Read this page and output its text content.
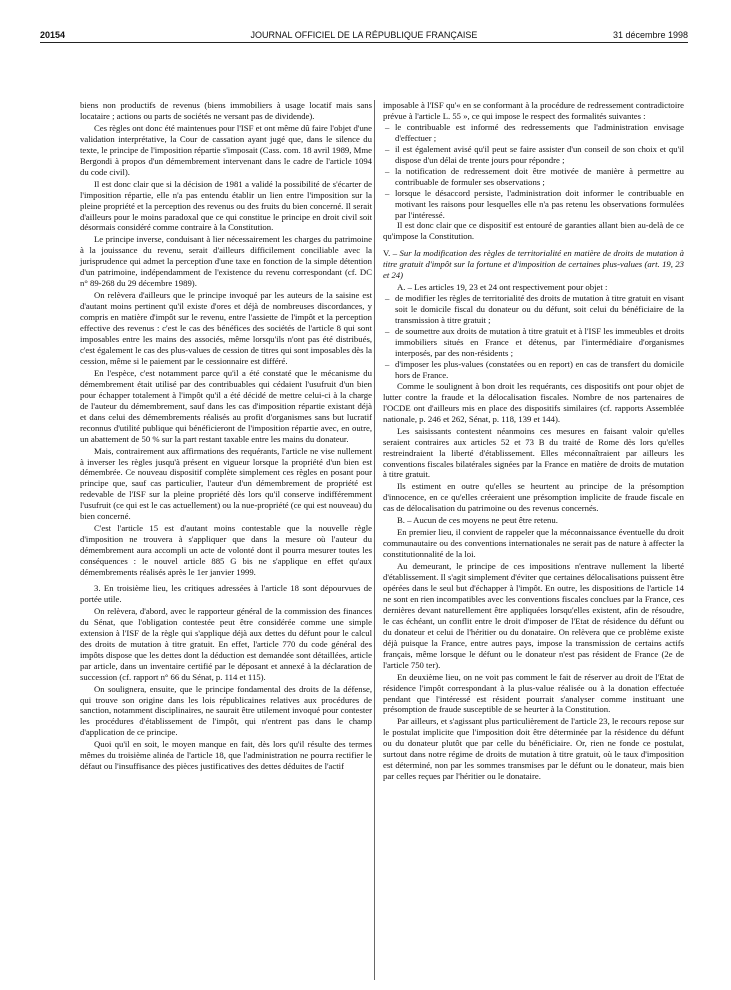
20154	JOURNAL OFFICIEL DE LA RÉPUBLIQUE FRANÇAISE	31 décembre 1998

biens non productifs de revenus (biens immobiliers à usage locatif mais sans locataire ; actions ou parts de sociétés ne versant pas de dividende).

Ces règles ont donc été maintenues pour l'ISF et ont même dû faire l'objet d'une validation interprétative, la Cour de cassation ayant jugé que, dans le silence du texte, le principe de l'imposition répartie s'imposait (Cass. com. 18 avril 1989, Mme Bergondi à propos d'un démembrement intervenant dans le cadre de l'article 1094 du code civil).

Il est donc clair que si la décision de 1981 a validé la possibilité de s'écarter de l'imposition répartie, elle n'a pas entendu établir un lien entre l'imposition sur la pleine propriété et la perception des revenus ou des fruits du bien concerné. Il serait d'ailleurs pour le moins paradoxal que ce qui constitue le principe en droit civil soit désormais considéré comme contraire à la Constitution.

Le principe inverse, conduisant à lier nécessairement les charges du patrimoine à la jouissance du revenu, serait d'ailleurs difficilement conciliable avec la jurisprudence qui admet la perception d'une taxe en fonction de la simple détention d'un patrimoine, indépendamment de l'existence du revenu correspondant (cf. DC n° 89-268 du 29 décembre 1989).

On relèvera d'ailleurs que le principe invoqué par les auteurs de la saisine est d'autant moins pertinent qu'il existe d'ores et déjà de nombreuses discordances, y compris en matière d'impôt sur le revenu, entre l'assiette de l'impôt et la perception effective des revenus : c'est le cas des bénéfices des sociétés de l'article 8 qui sont imposables entre les mains des associés, même lorsqu'ils n'ont pas été distribués, c'est également le cas des plus-values de cession de titres qui sont imposables dès la cession, même si le paiement par le cessionnaire est différé.

En l'espèce, c'est notamment parce qu'il a été constaté que le mécanisme du démembrement était utilisé par des contribuables qui cédaient l'usufruit d'un bien pour échapper totalement à l'impôt qu'il a été décidé de mettre celui-ci à la charge de l'auteur du démembrement, sauf dans les cas d'imposition répartie existant déjà et dans celui des démembrements réalisés au profit d'organismes sans but lucratif reconnus d'utilité publique qui bénéficieront de l'imposition répartie avec, en outre, un abattement de 50 % sur la part restant taxable entre les mains du donateur.

Mais, contrairement aux affirmations des requérants, l'article ne vise nullement à inverser les règles jusqu'à présent en vigueur lorsque la propriété d'un bien est démembrée. Ce nouveau dispositif complète simplement ces règles en posant pour principe que, sauf cas particulier, l'auteur d'un démembrement de propriété est redevable de l'ISF sur la pleine propriété dès lors qu'il conserve indifféremment l'usufruit (ce qui est le cas actuellement) ou la nue-propriété (ce qui est nouveau) du bien concerné.

C'est l'article 15 est d'autant moins contestable que la nouvelle règle d'imposition ne trouvera à s'appliquer que dans la mesure où l'auteur du démembrement aura accompli un acte de volonté dont il pourra mesurer toutes les conséquences : le nouvel article 885 G bis ne s'applique en effet qu'aux démembrements réalisés après le 1er janvier 1999.

3. En troisième lieu, les critiques adressées à l'article 18 sont dépourvues de portée utile.

On relèvera, d'abord, avec le rapporteur général de la commission des finances du Sénat, que l'obligation contestée peut être considérée comme une simple extension à l'ISF de la règle qui s'applique déjà aux dettes du défunt pour le calcul des droits de mutation à titre gratuit. En effet, l'article 770 du code général des impôts dispose que les dettes dont la déduction est demandée sont détaillées, article par article, dans un inventaire certifié par le déposant et annexé à la déclaration de succession (cf. rapport n° 66 du Sénat, p. 114 et 115).

On soulignera, ensuite, que le principe fondamental des droits de la défense, qui trouve son origine dans les lois républicaines relatives aux procédures de sanction, notamment disciplinaires, ne saurait être utilement invoqué pour contester les procédures d'établissement de l'impôt, qui n'entrent pas dans le champ d'application de ce principe.

Quoi qu'il en soit, le moyen manque en fait, dès lors qu'il résulte des termes mêmes du troisième alinéa de l'article 18, que l'administration ne pourra rectifier le défaut ou l'insuffisance des pièces justificatives des dettes déduites de l'actif

imposable à l'ISF qu'« en se conformant à la procédure de redressement contradictoire prévue à l'article L. 55 », ce qui impose le respect des formalités suivantes :

– le contribuable est informé des redressements que l'administration envisage d'effectuer ;
– il est également avisé qu'il peut se faire assister d'un conseil de son choix et qu'il dispose d'un délai de trente jours pour répondre ;
– la notification de redressement doit être motivée de manière à permettre au contribuable de formuler ses observations ;
– lorsque le désaccord persiste, l'administration doit informer le contribuable en motivant les raisons pour lesquelles elle n'a pas retenu les observations formulées par l'intéressé.

Il est donc clair que ce dispositif est entouré de garanties allant bien au-delà de ce qu'impose la Constitution.

V. – Sur la modification des règles de territorialité en matière de droits de mutation à titre gratuit d'impôt sur la fortune et d'imposition de certaines plus-values (art. 19, 23 et 24)

A. – Les articles 19, 23 et 24 ont respectivement pour objet :

– de modifier les règles de territorialité des droits de mutation à titre gratuit en visant soit le domicile fiscal du donateur ou du défunt, soit celui du bénéficiaire de la transmission à titre gratuit ;
– de soumettre aux droits de mutation à titre gratuit et à l'ISF les immeubles et droits immobiliers situés en France et détenus, par l'intermédiaire d'organismes interposés, par des non-résidents ;
– d'imposer les plus-values (constatées ou en report) en cas de transfert du domicile hors de France.

Comme le soulignent à bon droit les requérants, ces dispositifs ont pour objet de lutter contre la fraude et la délocalisation fiscales. Nombre de nos partenaires de l'OCDE ont d'ailleurs mis en place des dispositifs similaires (cf. rapports Assemblée nationale, p. 246 et 262, Sénat, p. 118, 139 et 144).

Les saisissants contestent néanmoins ces mesures en faisant valoir qu'elles seraient contraires aux articles 52 et 73 B du traité de Rome dès lors qu'elles restreindraient la liberté d'établissement. Elles méconnaîtraient par ailleurs les conventions fiscales bilatérales signées par la France en matière de droits de mutation à titre gratuit.

Ils estiment en outre qu'elles se heurtent au principe de la présomption d'innocence, en ce qu'elles créeraient une présomption implicite de fraude fiscale en cas de délocalisation du patrimoine ou des revenus concernés.

B. – Aucun de ces moyens ne peut être retenu.

En premier lieu, il convient de rappeler que la méconnaissance éventuelle du droit communautaire ou des conventions internationales ne serait pas de nature à affecter la constitutionnalité de la loi.

Au demeurant, le principe de ces impositions n'entrave nullement la liberté d'établissement. Il s'agit simplement d'éviter que certaines délocalisations puissent être opérées dans le seul but d'échapper à l'impôt. En outre, les dispositions de l'article 14 ne sont en rien incompatibles avec les conventions fiscales conclues par la France, ces dernières devant naturellement être appliquées lorsqu'elles existent, afin de résoudre, le cas échéant, un conflit entre le droit d'imposer de l'Etat de résidence du défunt ou du donateur et celui de l'héritier ou du donataire. On relèvera que ce problème existe déjà puisque la France, entre autres pays, impose la transmission de certains actifs français, même lorsque le défunt ou le donateur n'est pas résident de France (2e de l'article 750 ter).

En deuxième lieu, on ne voit pas comment le fait de réserver au droit de l'Etat de résidence l'impôt correspondant à la plus-value réalisée ou à la donation effectuée pendant que l'intéressé est résident pourrait s'analyser comme instituant une présomption de fraude susceptible de se heurter à la Constitution.

Par ailleurs, et s'agissant plus particulièrement de l'article 23, le recours repose sur le postulat implicite que l'imposition doit être déterminée par la résidence du défunt ou du donateur plutôt que par celle du bénéficiaire. Or, rien ne fonde ce postulat, surtout dans notre régime de droits de mutation à titre gratuit, où le taux d'imposition est déterminé, non par les sommes transmises par le défunt ou le donateur, mais bien par celles reçues par l'héritier ou le donataire.
